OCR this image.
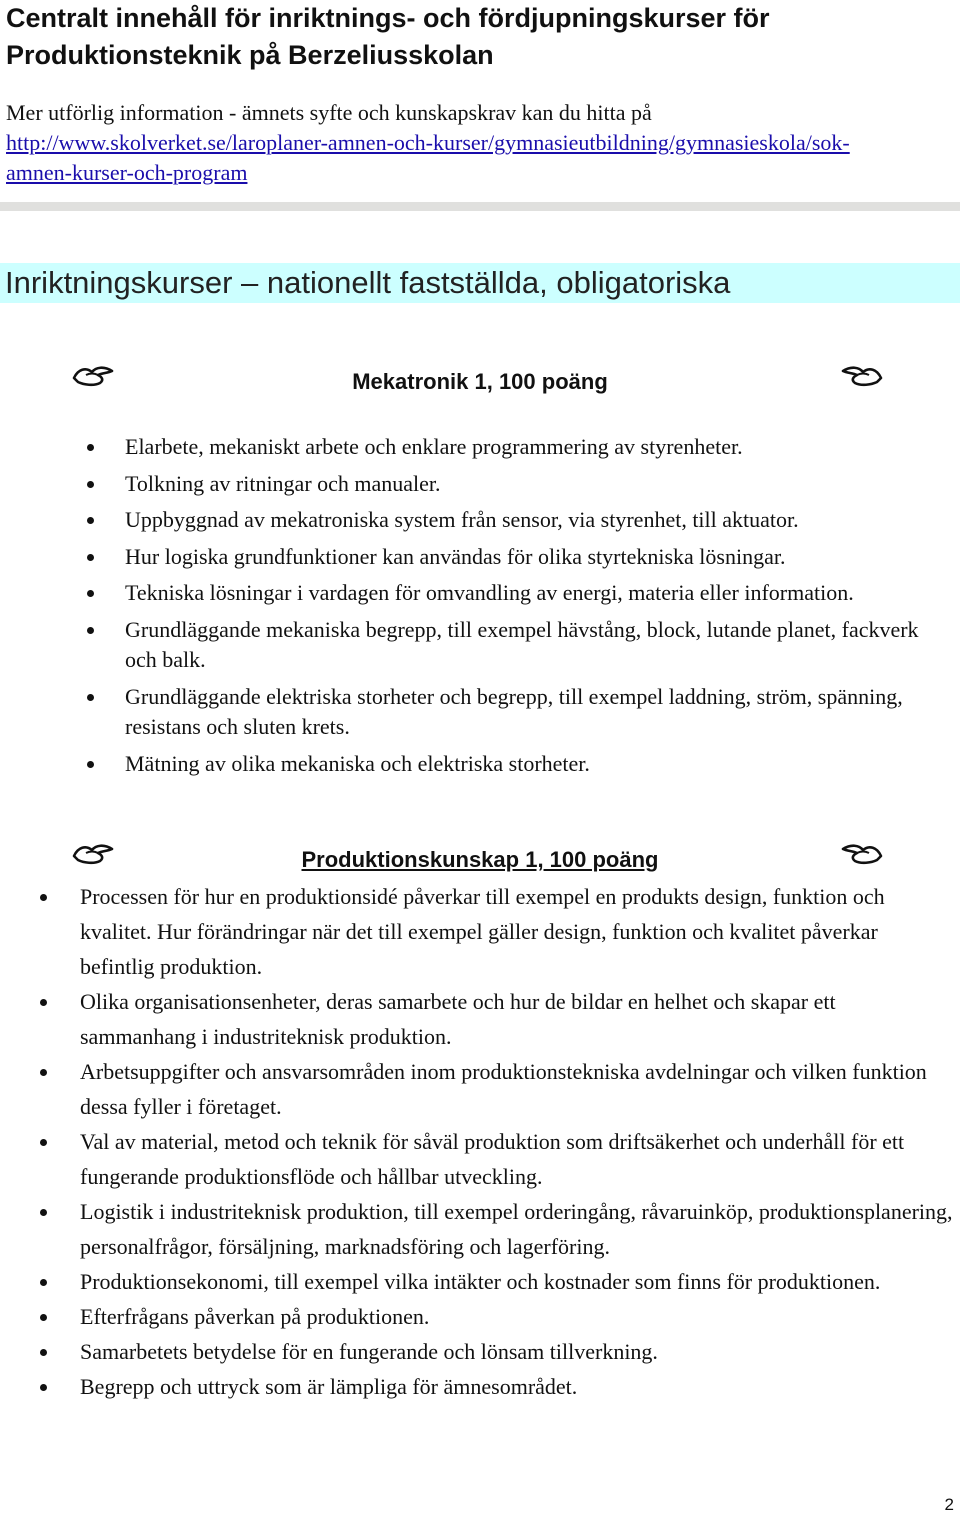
Centralt innehåll för inriktnings- och fördjupningskurser för Produktionsteknik på Berzeliusskolan
Mer utförlig information - ämnets syfte och kunskapskrav kan du hitta på http://www.skolverket.se/laroplaner-amnen-och-kurser/gymnasieutbildning/gymnasieskola/sok-amnen-kurser-och-program
Inriktningskurser – nationellt fastställda, obligatoriska
Mekatronik 1, 100 poäng
Elarbete, mekaniskt arbete och enklare programmering av styrenheter.
Tolkning av ritningar och manualer.
Uppbyggnad av mekatroniska system från sensor, via styrenhet, till aktuator.
Hur logiska grundfunktioner kan användas för olika styrtekniska lösningar.
Tekniska lösningar i vardagen för omvandling av energi, materia eller information.
Grundläggande mekaniska begrepp, till exempel hävstång, block, lutande planet, fackverk och balk.
Grundläggande elektriska storheter och begrepp, till exempel laddning, ström, spänning, resistans och sluten krets.
Mätning av olika mekaniska och elektriska storheter.
Produktionskunskap 1, 100 poäng
Processen för hur en produktionsidé påverkar till exempel en produkts design, funktion och kvalitet. Hur förändringar när det till exempel gäller design, funktion och kvalitet påverkar befintlig produktion.
Olika organisationsenheter, deras samarbete och hur de bildar en helhet och skapar ett sammanhang i industriteknisk produktion.
Arbetsuppgifter och ansvarsområden inom produktionstekniska avdelningar och vilken funktion dessa fyller i företaget.
Val av material, metod och teknik för såväl produktion som driftsäkerhet och underhåll för ett fungerande produktionsflöde och hållbar utveckling.
Logistik i industriteknisk produktion, till exempel orderingång, råvaruinköp, produktionsplanering, personalfrågor, försäljning, marknadsföring och lagerföring.
Produktionsekonomi, till exempel vilka intäkter och kostnader som finns för produktionen.
Efterfrågans påverkan på produktionen.
Samarbetets betydelse för en fungerande och lönsam tillverkning.
Begrepp och uttryck som är lämpliga för ämnesområdet.
2
